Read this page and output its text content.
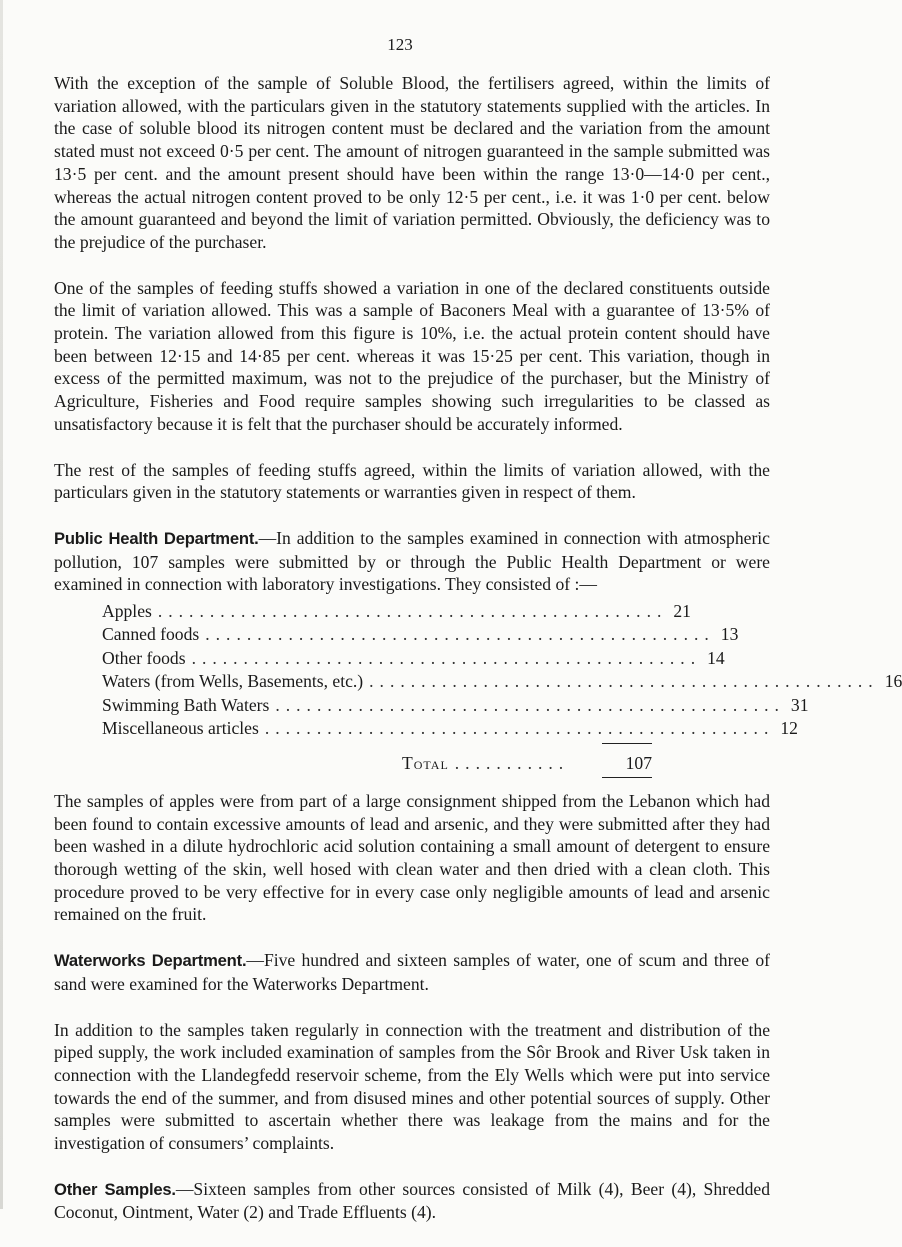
123

With the exception of the sample of Soluble Blood, the fertilisers agreed, within the limits of variation allowed, with the particulars given in the statutory statements supplied with the articles. In the case of soluble blood its nitrogen content must be declared and the variation from the amount stated must not exceed 0·5 per cent. The amount of nitrogen guaranteed in the sample submitted was 13·5 per cent. and the amount present should have been within the range 13·0—14·0 per cent., whereas the actual nitrogen content proved to be only 12·5 per cent., i.e. it was 1·0 per cent. below the amount guaranteed and beyond the limit of variation permitted. Obviously, the deficiency was to the prejudice of the purchaser.

One of the samples of feeding stuffs showed a variation in one of the declared constituents outside the limit of variation allowed. This was a sample of Baconers Meal with a guarantee of 13·5% of protein. The variation allowed from this figure is 10%, i.e. the actual protein content should have been between 12·15 and 14·85 per cent. whereas it was 15·25 per cent. This variation, though in excess of the permitted maximum, was not to the prejudice of the purchaser, but the Ministry of Agriculture, Fisheries and Food require samples showing such irregularities to be classed as unsatisfactory because it is felt that the purchaser should be accurately informed.

The rest of the samples of feeding stuffs agreed, within the limits of variation allowed, with the particulars given in the statutory statements or warranties given in respect of them.

Public Health Department.—In addition to the samples examined in connection with atmospheric pollution, 107 samples were submitted by or through the Public Health Department or were examined in connection with laboratory investigations. They consisted of :—

Apples ................................................. 21
Canned foods ................................................. 13
Other foods ................................................. 14
Waters (from Wells, Basements, etc.) ................................................. 16
Swimming Bath Waters ................................................. 31
Miscellaneous articles ................................................. 12
Total ...........	107

The samples of apples were from part of a large consignment shipped from the Lebanon which had been found to contain excessive amounts of lead and arsenic, and they were submitted after they had been washed in a dilute hydrochloric acid solution containing a small amount of detergent to ensure thorough wetting of the skin, well hosed with clean water and then dried with a clean cloth. This procedure proved to be very effective for in every case only negligible amounts of lead and arsenic remained on the fruit.

Waterworks Department.—Five hundred and sixteen samples of water, one of scum and three of sand were examined for the Waterworks Department.

In addition to the samples taken regularly in connection with the treatment and distribution of the piped supply, the work included examination of samples from the Sôr Brook and River Usk taken in connection with the Llandegfedd reservoir scheme, from the Ely Wells which were put into service towards the end of the summer, and from disused mines and other potential sources of supply. Other samples were submitted to ascertain whether there was leakage from the mains and for the investigation of consumers’ complaints.

Other Samples.—Sixteen samples from other sources consisted of Milk (4), Beer (4), Shredded Coconut, Ointment, Water (2) and Trade Effluents (4).
